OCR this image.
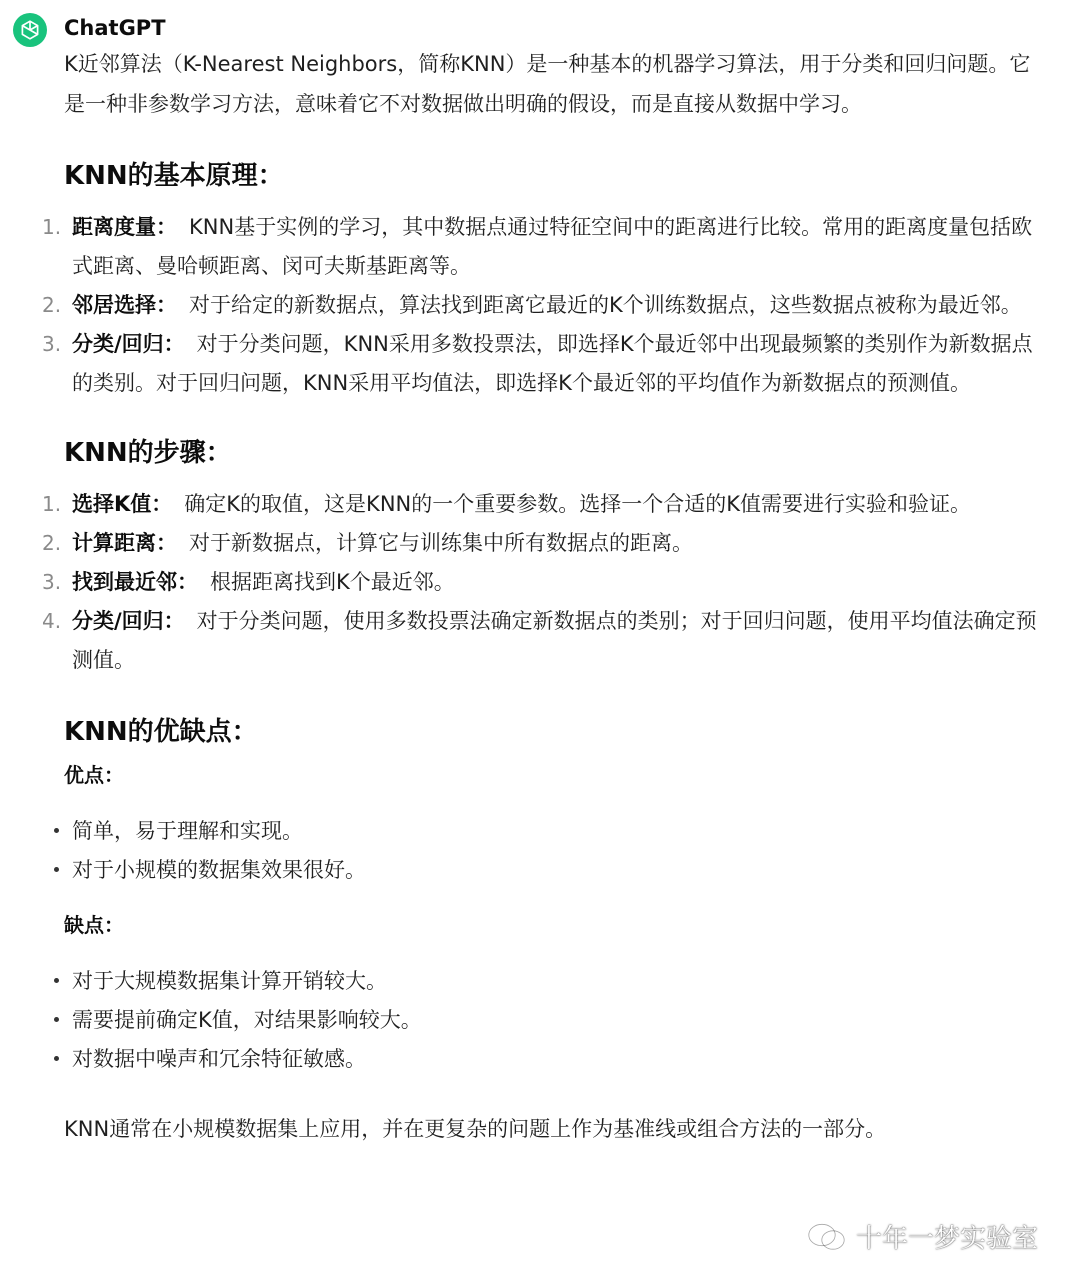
ChatGPT

K近邻算法（K-Nearest Neighbors，简称KNN）是一种基本的机器学习算法，用于分类和回归问题。它是一种非参数学习方法，意味着它不对数据做出明确的假设，而是直接从数据中学习。

KNN的基本原理：
1. 距离度量： KNN基于实例的学习，其中数据点通过特征空间中的距离进行比较。常用的距离度量包括欧式距离、曼哈顿距离、闵可夫斯基距离等。
2. 邻居选择： 对于给定的新数据点，算法找到距离它最近的K个训练数据点，这些数据点被称为最近邻。
3. 分类/回归： 对于分类问题，KNN采用多数投票法，即选择K个最近邻中出现最频繁的类别作为新数据点的类别。对于回归问题，KNN采用平均值法，即选择K个最近邻的平均值作为新数据点的预测值。
KNN的步骤：
1. 选择K值： 确定K的取值，这是KNN的一个重要参数。选择一个合适的K值需要进行实验和验证。
2. 计算距离： 对于新数据点，计算它与训练集中所有数据点的距离。
3. 找到最近邻： 根据距离找到K个最近邻。
4. 分类/回归： 对于分类问题，使用多数投票法确定新数据点的类别；对于回归问题，使用平均值法确定预测值。
KNN的优缺点：
优点：
简单，易于理解和实现。
对于小规模的数据集效果很好。
缺点：
对于大规模数据集计算开销较大。
需要提前确定K值，对结果影响较大。
对数据中噪声和冗余特征敏感。

KNN通常在小规模数据集上应用，并在更复杂的问题上作为基准线或组合方法的一部分。

十年一梦实验室
